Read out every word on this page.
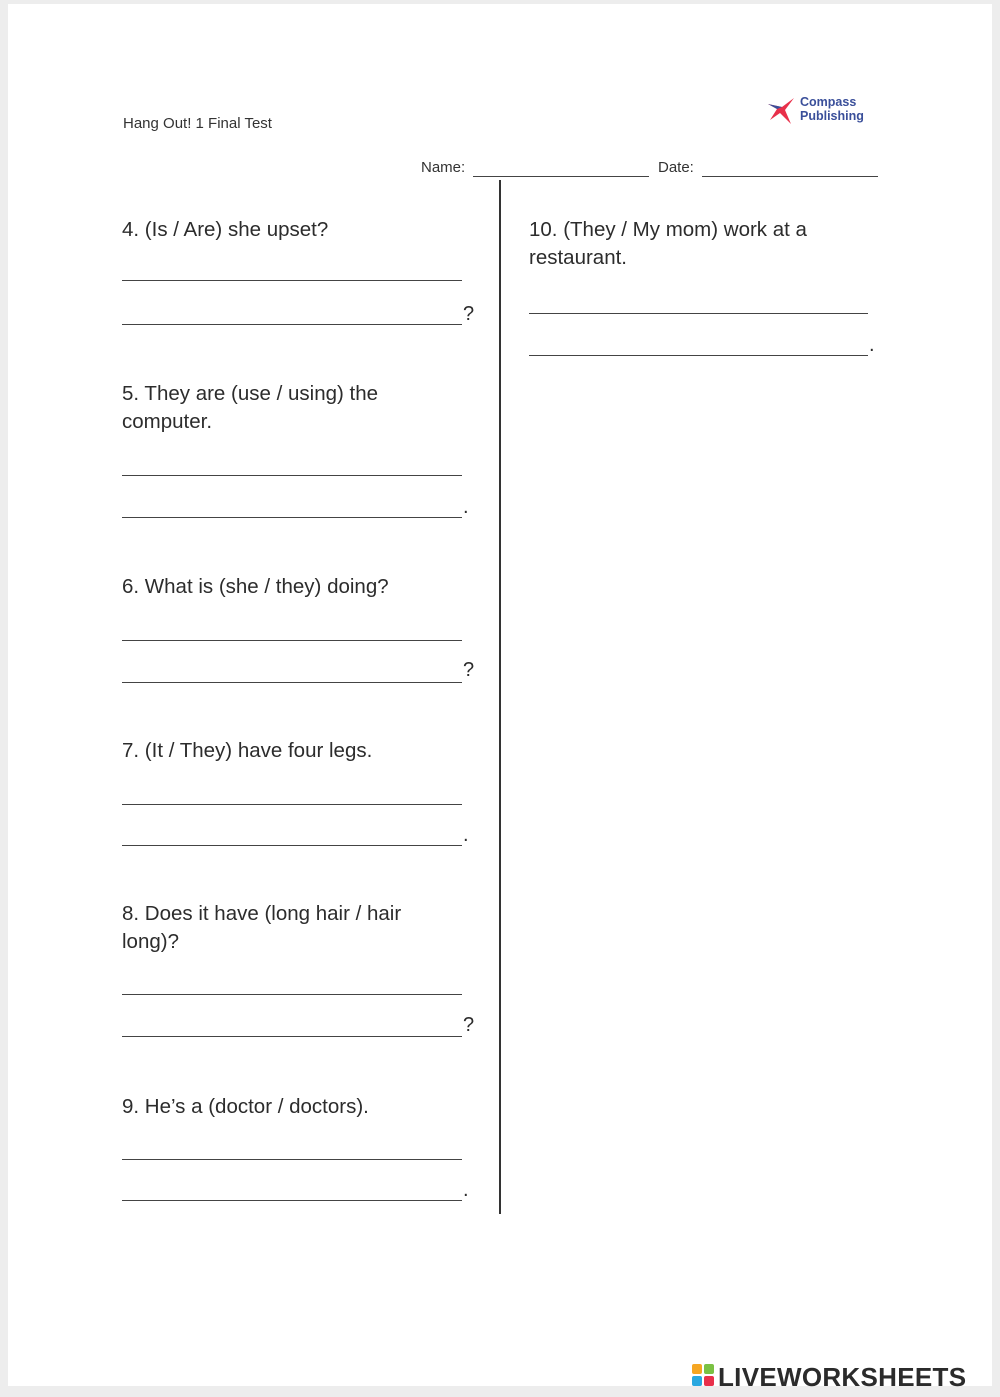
Hang Out! 1 Final Test
Compass
Publishing
Name:	Date:
4. (Is / Are) she upset?
?
5. They are (use / using) the computer.
.
6. What is (she / they) doing?
?
7. (It / They) have four legs.
.
8. Does it have (long hair / hair long)?
?
9. He’s a (doctor / doctors).
.
10. (They / My mom) work at a restaurant.
.
LIVEWORKSHEETS
